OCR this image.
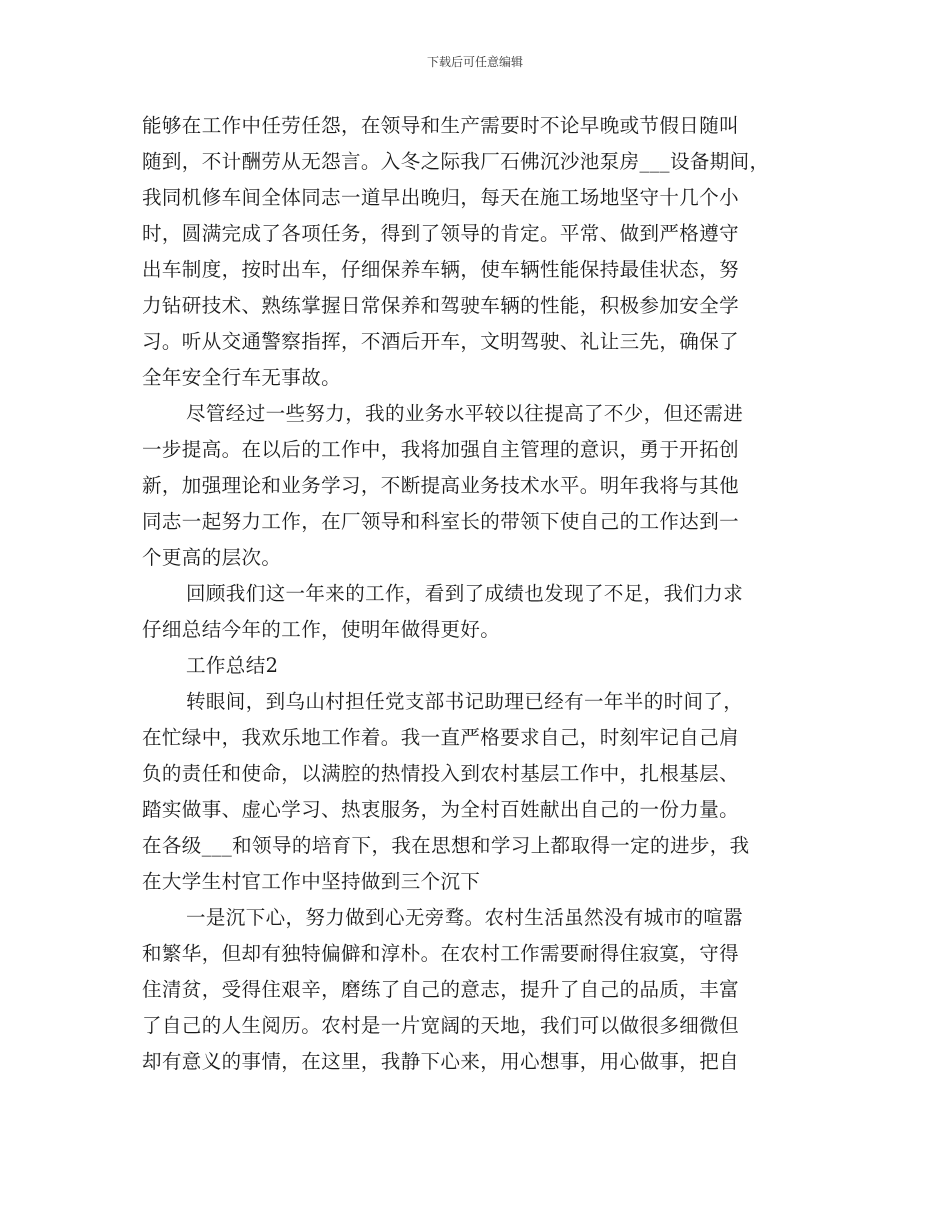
下载后可任意编辑
能够在工作中任劳任怨，在领导和生产需要时不论早晚或节假日随叫
随到，不计酬劳从无怨言。入冬之际我厂石佛沉沙池泵房___设备期间，
我同机修车间全体同志一道早出晚归，每天在施工场地坚守十几个小
时，圆满完成了各项任务，得到了领导的肯定。平常、做到严格遵守
出车制度，按时出车，仔细保养车辆，使车辆性能保持最佳状态，努
力钻研技术、熟练掌握日常保养和驾驶车辆的性能，积极参加安全学
习。听从交通警察指挥，不酒后开车，文明驾驶、礼让三先，确保了
全年安全行车无事故。
尽管经过一些努力，我的业务水平较以往提高了不少，但还需进
一步提高。在以后的工作中，我将加强自主管理的意识，勇于开拓创
新，加强理论和业务学习，不断提高业务技术水平。明年我将与其他
同志一起努力工作，在厂领导和科室长的带领下使自己的工作达到一
个更高的层次。
回顾我们这一年来的工作，看到了成绩也发现了不足，我们力求
仔细总结今年的工作，使明年做得更好。
工作总结2
转眼间，到乌山村担任党支部书记助理已经有一年半的时间了，
在忙绿中，我欢乐地工作着。我一直严格要求自己，时刻牢记自己肩
负的责任和使命，以满腔的热情投入到农村基层工作中，扎根基层、
踏实做事、虚心学习、热衷服务，为全村百姓献出自己的一份力量。
在各级___和领导的培育下，我在思想和学习上都取得一定的进步，我
在大学生村官工作中坚持做到三个沉下
一是沉下心，努力做到心无旁骛。农村生活虽然没有城市的喧嚣
和繁华，但却有独特偏僻和淳朴。在农村工作需要耐得住寂寞，守得
住清贫，受得住艰辛，磨练了自己的意志，提升了自己的品质，丰富
了自己的人生阅历。农村是一片宽阔的天地，我们可以做很多细微但
却有意义的事情，在这里，我静下心来，用心想事，用心做事，把自
